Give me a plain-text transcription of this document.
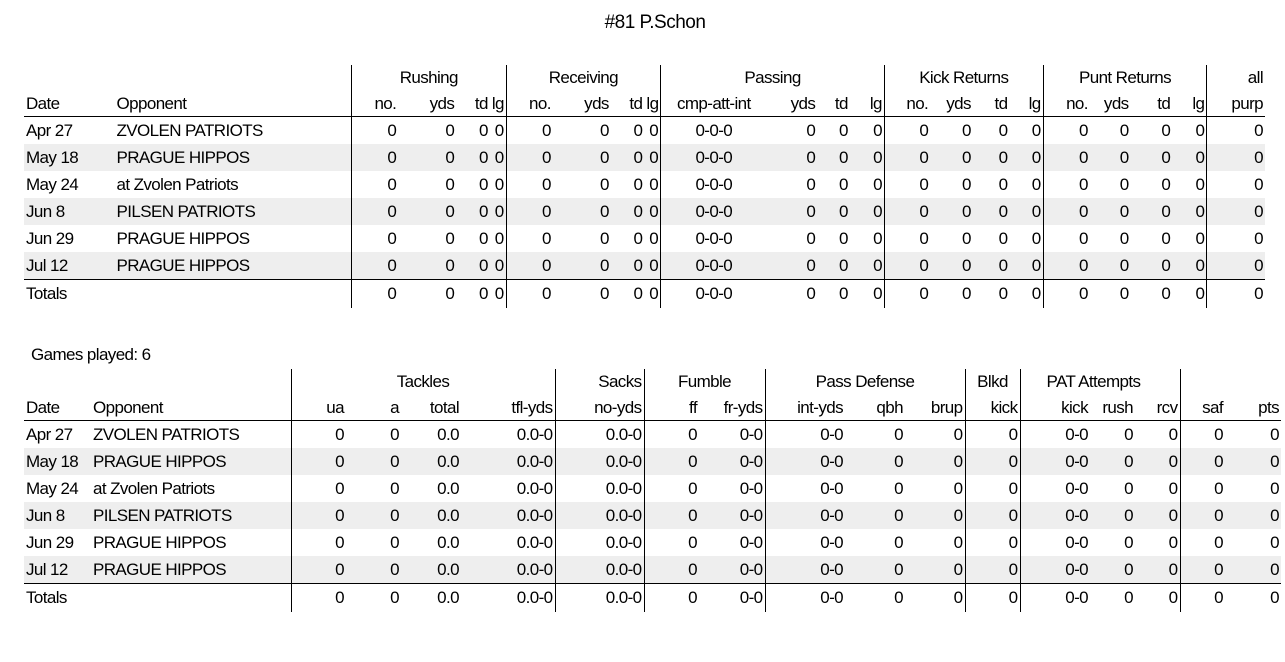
#81 P.Schon
		Rushing				Receiving				Passing				Kick Returns				Punt Returns				all
Date	Opponent	no.	yds	td	lg	no.	yds	td	lg	cmp-att-int	yds	td	lg	no.	yds	td	lg	no.	yds	td	lg	purp
Apr 27	ZVOLEN PATRIOTS	0	0	0	0	0	0	0	0	0-0-0	0	0	0	0	0	0	0	0	0	0	0	0
May 18	PRAGUE HIPPOS	0	0	0	0	0	0	0	0	0-0-0	0	0	0	0	0	0	0	0	0	0	0	0
May 24	at Zvolen Patriots	0	0	0	0	0	0	0	0	0-0-0	0	0	0	0	0	0	0	0	0	0	0	0
Jun 8	PILSEN PATRIOTS	0	0	0	0	0	0	0	0	0-0-0	0	0	0	0	0	0	0	0	0	0	0	0
Jun 29	PRAGUE HIPPOS	0	0	0	0	0	0	0	0	0-0-0	0	0	0	0	0	0	0	0	0	0	0	0
Jul 12	PRAGUE HIPPOS	0	0	0	0	0	0	0	0	0-0-0	0	0	0	0	0	0	0	0	0	0	0	0
Totals		0	0	0	0	0	0	0	0	0-0-0	0	0	0	0	0	0	0	0	0	0	0	0
Games played: 6
		Tackles				Sacks	Fumble		Pass Defense			Blkd	PAT Attempts				
Date	Opponent	ua	a	total	tfl-yds	no-yds	ff	fr-yds	int-yds	qbh	brup	kick	kick	rush	rcv	saf	pts
Apr 27	ZVOLEN PATRIOTS	0	0	0.0	0.0-0	0.0-0	0	0-0	0-0	0	0	0	0-0	0	0	0	0
May 18	PRAGUE HIPPOS	0	0	0.0	0.0-0	0.0-0	0	0-0	0-0	0	0	0	0-0	0	0	0	0
May 24	at Zvolen Patriots	0	0	0.0	0.0-0	0.0-0	0	0-0	0-0	0	0	0	0-0	0	0	0	0
Jun 8	PILSEN PATRIOTS	0	0	0.0	0.0-0	0.0-0	0	0-0	0-0	0	0	0	0-0	0	0	0	0
Jun 29	PRAGUE HIPPOS	0	0	0.0	0.0-0	0.0-0	0	0-0	0-0	0	0	0	0-0	0	0	0	0
Jul 12	PRAGUE HIPPOS	0	0	0.0	0.0-0	0.0-0	0	0-0	0-0	0	0	0	0-0	0	0	0	0
Totals		0	0	0.0	0.0-0	0.0-0	0	0-0	0-0	0	0	0	0-0	0	0	0	0
